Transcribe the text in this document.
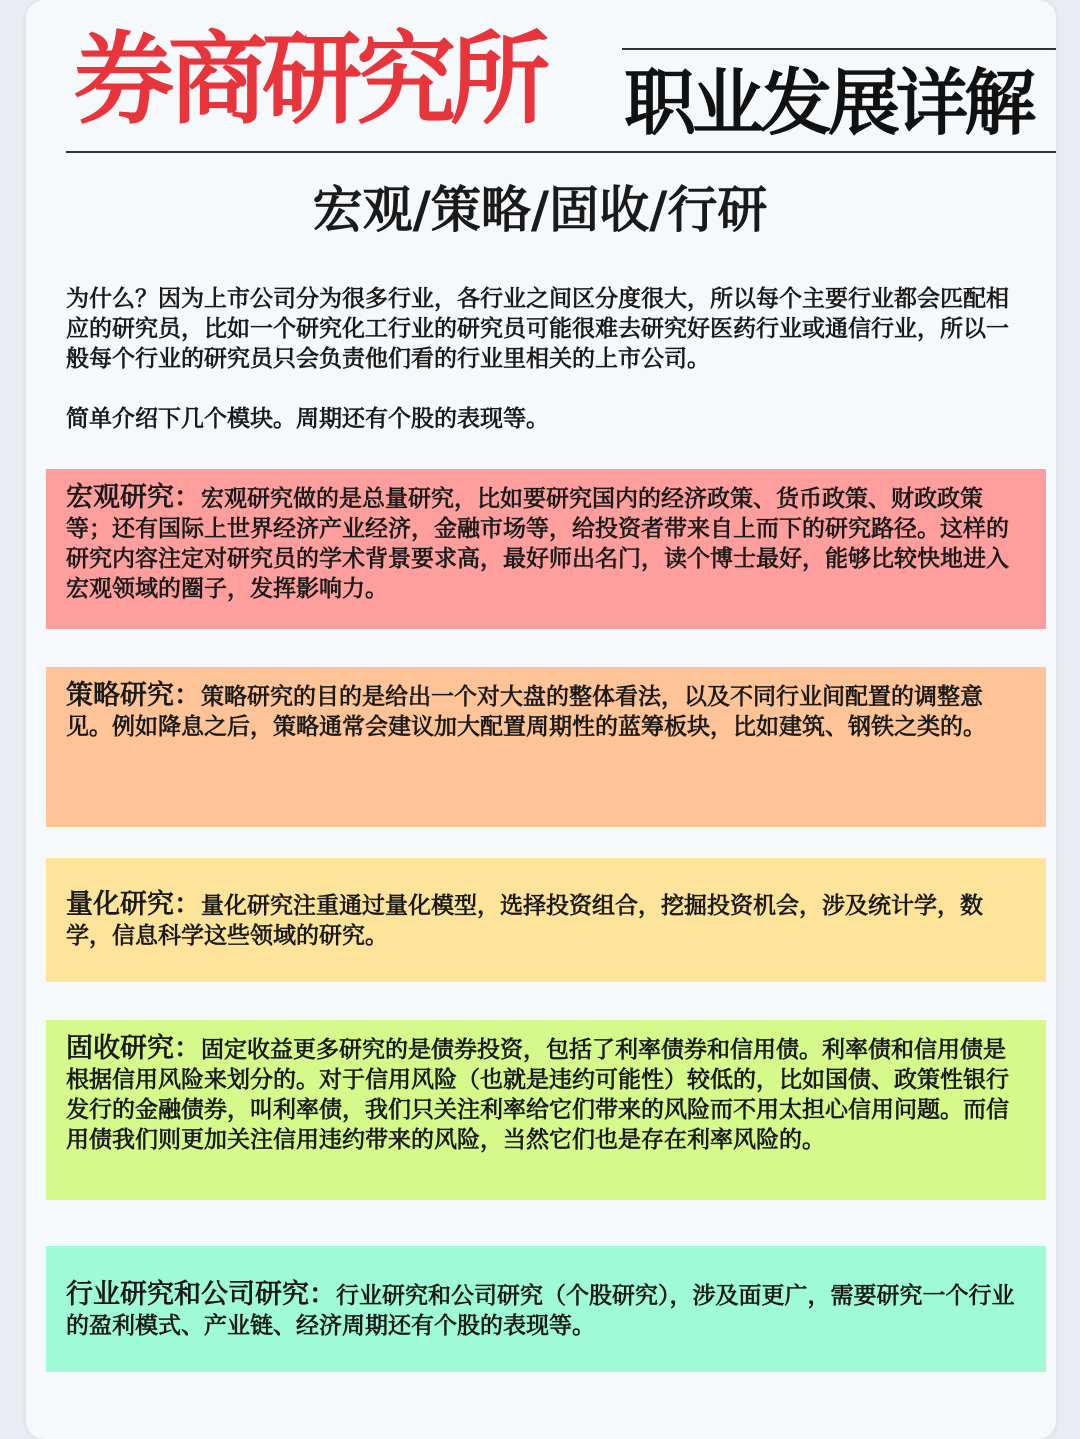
券商研究所 职业发展详解
宏观/策略/固收/行研

为什么？因为上市公司分为很多行业，各行业之间区分度很大，所以每个主要行业都会匹配相应的研究员，比如一个研究化工行业的研究员可能很难去研究好医药行业或通信行业，所以一般每个行业的研究员只会负责他们看的行业里相关的上市公司。

简单介绍下几个模块。周期还有个股的表现等。

宏观研究：宏观研究做的是总量研究，比如要研究国内的经济政策、货币政策、财政政策等；还有国际上世界经济产业经济，金融市场等，给投资者带来自上而下的研究路径。这样的研究内容注定对研究员的学术背景要求高，最好师出名门，读个博士最好，能够比较快地进入宏观领域的圈子，发挥影响力。
策略研究：策略研究的目的是给出一个对大盘的整体看法，以及不同行业间配置的调整意见。例如降息之后，策略通常会建议加大配置周期性的蓝筹板块，比如建筑、钢铁之类的。
量化研究：量化研究注重通过量化模型，选择投资组合，挖掘投资机会，涉及统计学，数学，信息科学这些领域的研究。
固收研究：固定收益更多研究的是债券投资，包括了利率债券和信用债。利率债和信用债是根据信用风险来划分的。对于信用风险（也就是违约可能性）较低的，比如国债、政策性银行发行的金融债券，叫利率债，我们只关注利率给它们带来的风险而不用太担心信用问题。而信用债我们则更加关注信用违约带来的风险，当然它们也是存在利率风险的。
行业研究和公司研究：行业研究和公司研究（个股研究），涉及面更广，需要研究一个行业的盈利模式、产业链、经济周期还有个股的表现等。
